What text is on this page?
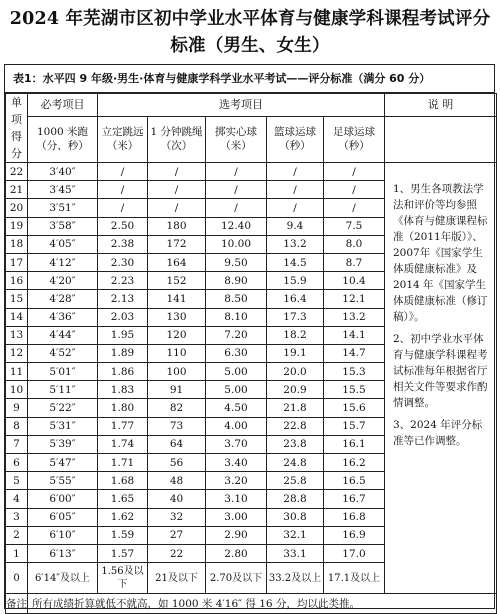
2024 年芜湖市区初中学业水平体育与健康学科课程考试评分
标准（男生、女生）
表1：水平四 9 年级·男生·体育与健康学科学业水平考试——评分标准（满分 60 分）
单项得分	必考项目	选考项目					说 明
	1000 米跑（分、秒）	立定跳远（米）	1 分钟跳绳（次）	掷实心球（米）	篮球运球（秒）	足球运球（秒）	
22	3′40″	/	/	/	/	/	1、男生各项教法学法和评价等均参照《体育与健康课程标准（2011年版）》、2007年《国家学生体质健康标准》及 2014 年《国家学生体质健康标准（修订稿）》。
2、初中学业水平体育与健康学科课程考试标准每年根据省厅相关文件等要求作酌情调整。
3、2024 年评分标准等已作调整。

21	3′45″	/	/	/	/	/	
20	3′51″	/	/	/	/	/	
19	3′58″	2.50	180	12.40	9.4	7.5	
18	4′05″	2.38	172	10.00	13.2	8.0	
17	4′12″	2.30	164	9.50	14.5	8.7	
16	4′20″	2.23	152	8.90	15.9	10.4	
15	4′28″	2.13	141	8.50	16.4	12.1	
14	4′36″	2.03	130	8.10	17.3	13.2	
13	4′44″	1.95	120	7.20	18.2	14.1	
12	4′52″	1.89	110	6.30	19.1	14.7	
11	5′01″	1.86	100	5.00	20.0	15.3	
10	5′11″	1.83	91	5.00	20.9	15.5	
9	5′22″	1.80	82	4.50	21.8	15.6	
8	5′31″	1.77	73	4.00	22.8	15.7	
7	5′39″	1.74	64	3.70	23.8	16.1	
6	5′47″	1.71	56	3.40	24.8	16.2	
5	5′55″	1.68	48	3.20	25.8	16.5	
4	6′00″	1.65	40	3.10	28.8	16.7	
3	6′05″	1.62	32	3.00	30.8	16.8	
2	6′10″	1.59	27	2.90	32.1	16.9	
1	6′13″	1.57	22	2.80	33.1	17.0	
0	6′14″及以上	1.56及以下	21及以下	2.70及以下	33.2及以上	17.1及以上	
备注	所有成绩折算就低不就高，如 1000 米 4′16″ 得 16 分，均以此类推。						
